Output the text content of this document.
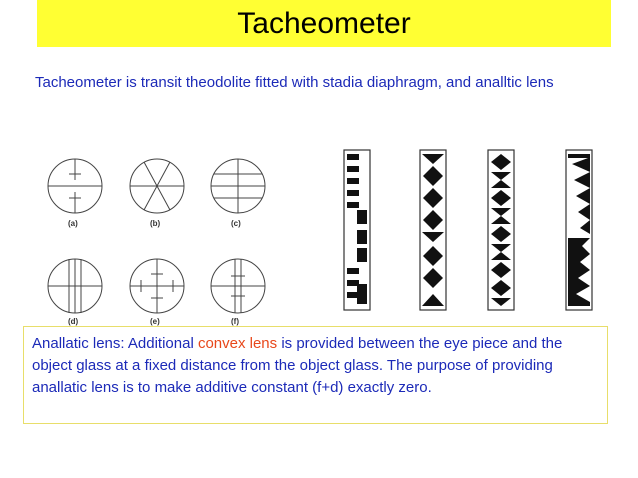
Tacheometer
Tacheometer is transit theodolite fitted with stadia diaphragm, and analltic lens
(a)	(b)	(c)
(d)	(e)	(f)
Anallatic lens: Additional convex lens is provided between the eye piece and the object glass at a fixed distance from the object glass. The purpose of providing anallatic lens is to make additive constant (f+d) exactly zero.
